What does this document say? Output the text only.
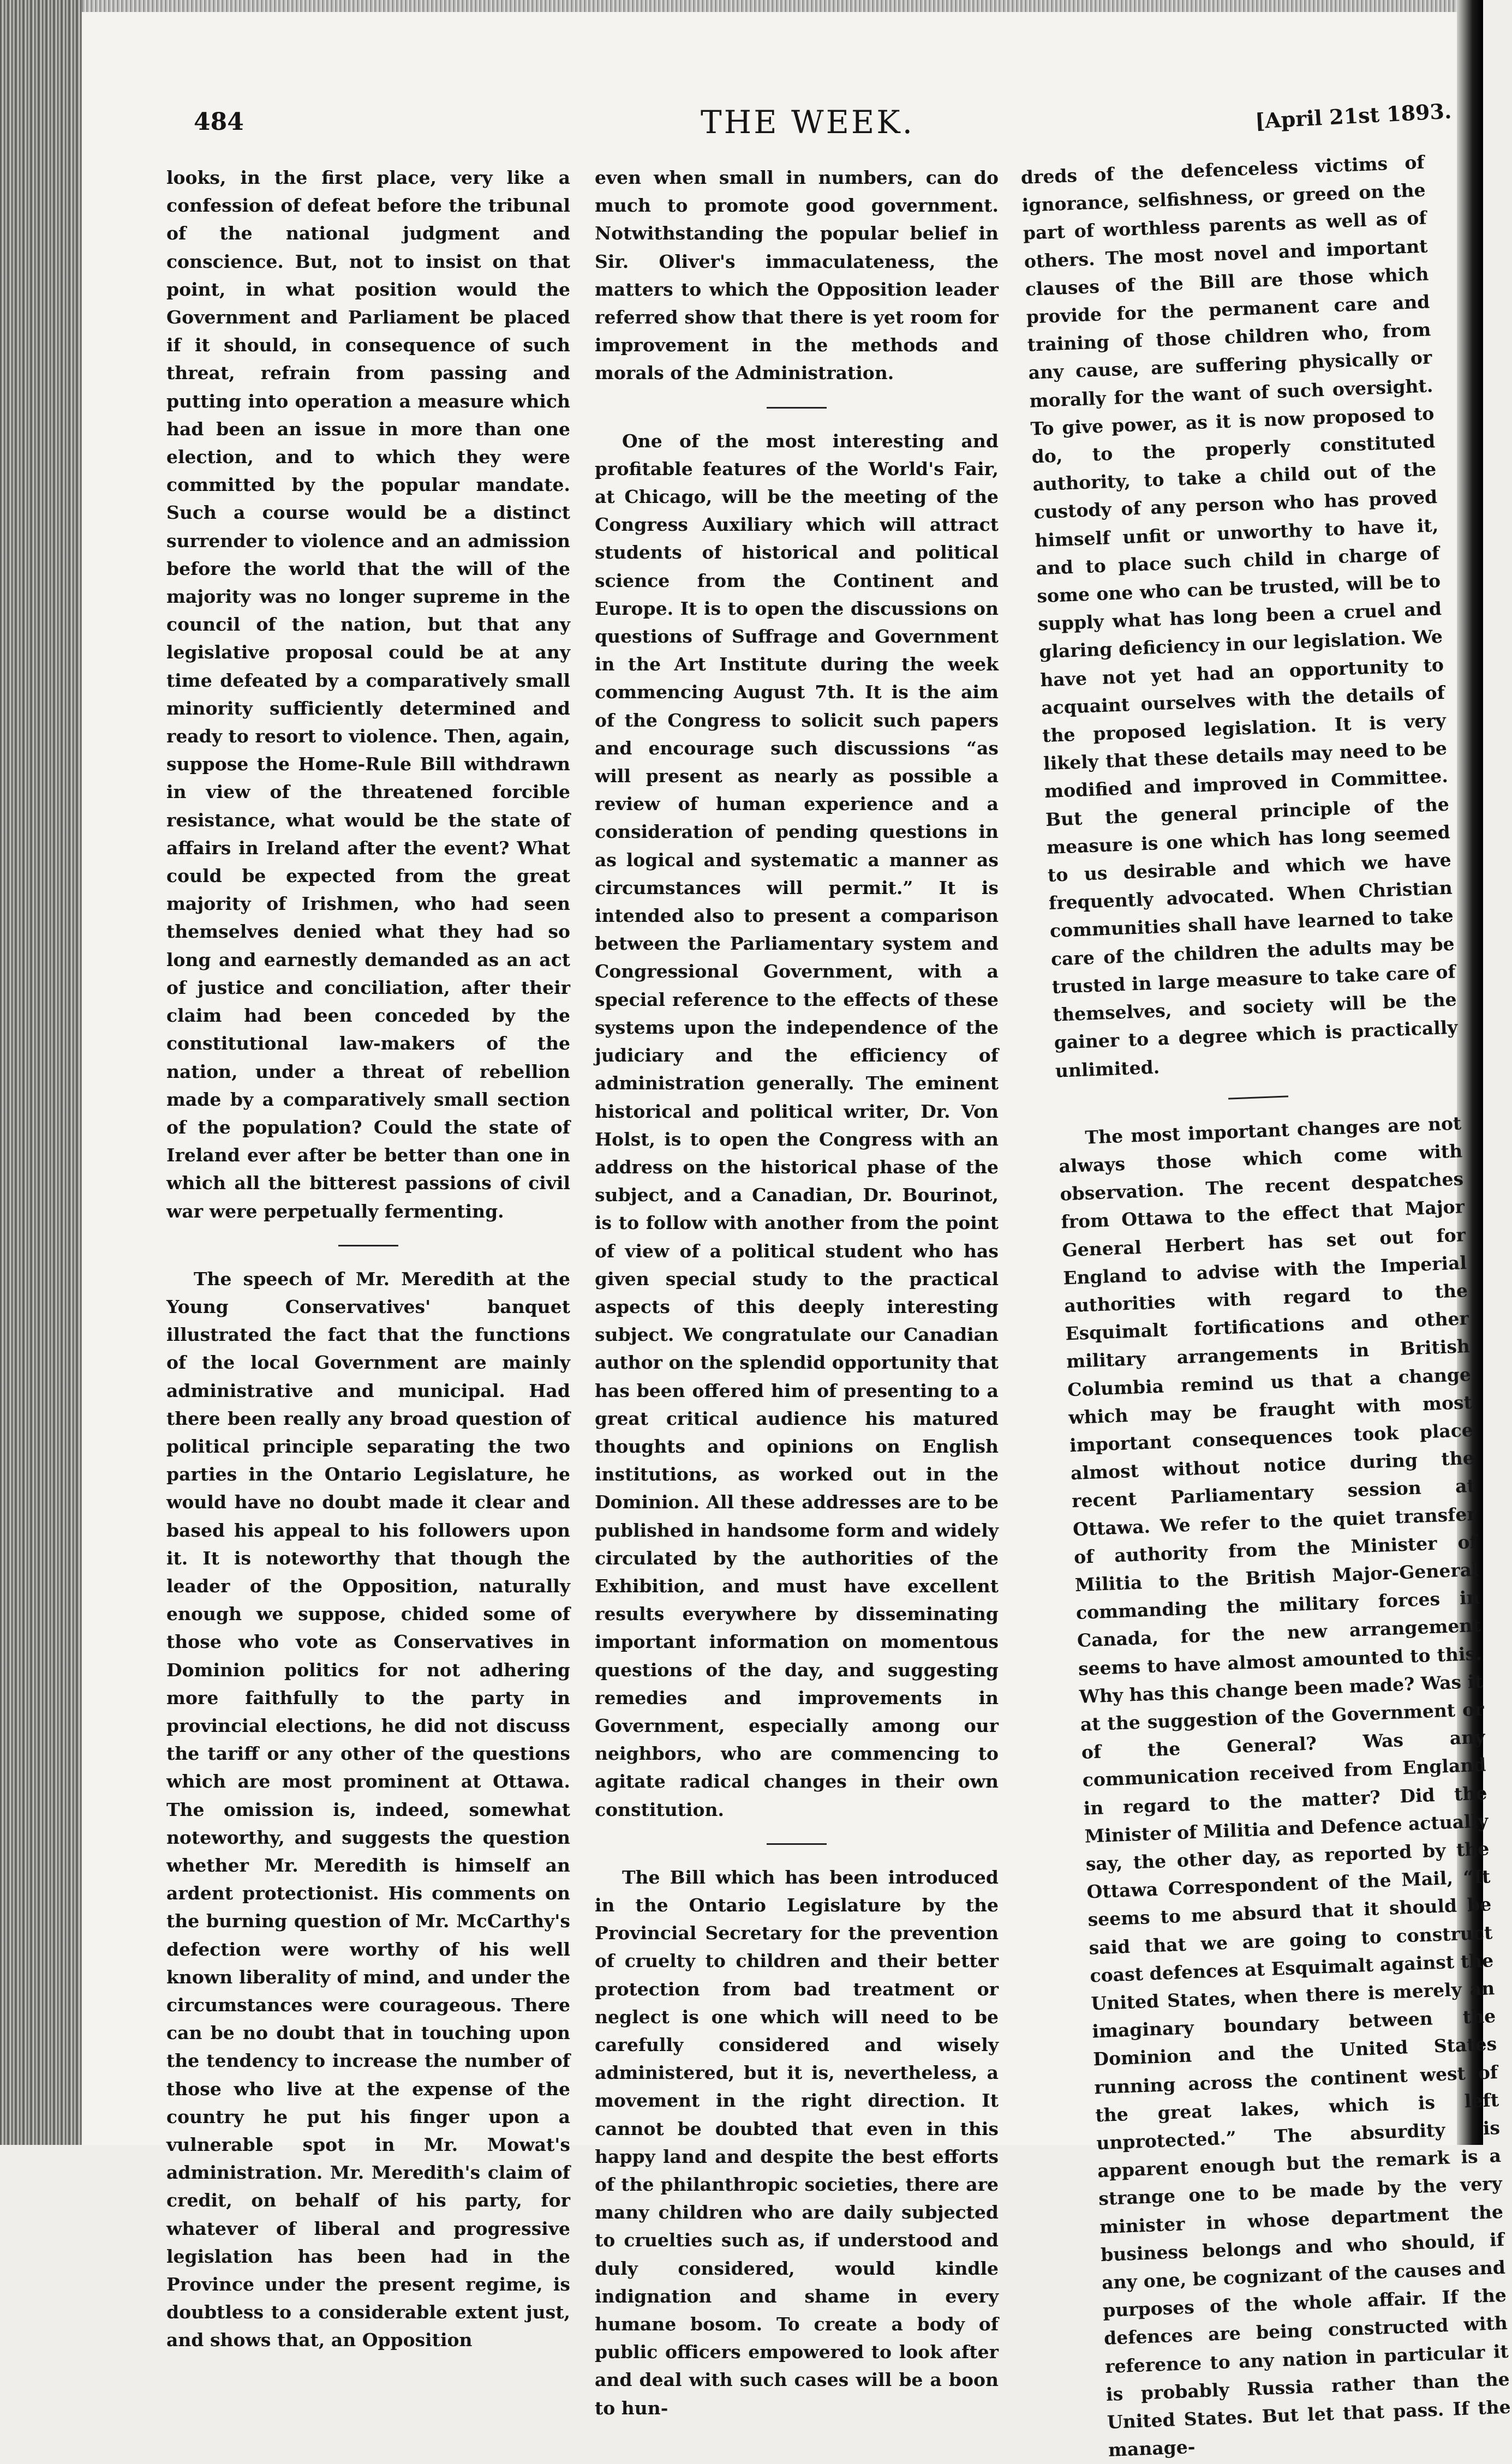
484	THE WEEK.	[April 21st 1893.

looks, in the first place, very like a confession of defeat before the tribunal of the national judgment and conscience. But, not to insist on that point, in what position would the Government and Parliament be placed if it should, in consequence of such threat, refrain from passing and putting into operation a measure which had been an issue in more than one election, and to which they were committed by the popular mandate. Such a course would be a distinct surrender to violence and an admission before the world that the will of the majority was no longer supreme in the council of the nation, but that any legislative proposal could be at any time defeated by a comparatively small minority sufficiently determined and ready to resort to violence. Then, again, suppose the Home-Rule Bill withdrawn in view of the threatened forcible resistance, what would be the state of affairs in Ireland after the event? What could be expected from the great majority of Irishmen, who had seen themselves denied what they had so long and earnestly demanded as an act of justice and conciliation, after their claim had been conceded by the constitutional law-makers of the nation, under a threat of rebellion made by a comparatively small section of the population? Could the state of Ireland ever after be better than one in which all the bitterest passions of civil war were perpetually fermenting.

The speech of Mr. Meredith at the Young Conservatives' banquet illustrated the fact that the functions of the local Government are mainly administrative and municipal. Had there been really any broad question of political principle separating the two parties in the Ontario Legislature, he would have no doubt made it clear and based his appeal to his followers upon it. It is noteworthy that though the leader of the Opposition, naturally enough we suppose, chided some of those who vote as Conservatives in Dominion politics for not adhering more faithfully to the party in provincial elections, he did not discuss the tariff or any other of the questions which are most prominent at Ottawa. The omission is, indeed, somewhat noteworthy, and suggests the question whether Mr. Meredith is himself an ardent protectionist. His comments on the burning question of Mr. McCarthy's defection were worthy of his well known liberality of mind, and under the circumstances were courageous. There can be no doubt that in touching upon the tendency to increase the number of those who live at the expense of the country he put his finger upon a vulnerable spot in Mr. Mowat's administration. Mr. Meredith's claim of credit, on behalf of his party, for whatever of liberal and progressive legislation has been had in the Province under the present regime, is doubtless to a considerable extent just, and shows that, an Opposition

even when small in numbers, can do much to promote good government. Notwithstanding the popular belief in Sir. Oliver's immaculateness, the matters to which the Opposition leader referred show that there is yet room for improvement in the methods and morals of the Administration.

One of the most interesting and profitable features of the World's Fair, at Chicago, will be the meeting of the Congress Auxiliary which will attract students of historical and political science from the Continent and Europe. It is to open the discussions on questions of Suffrage and Government in the Art Institute during the week commencing August 7th. It is the aim of the Congress to solicit such papers and encourage such discussions “as will present as nearly as possible a review of human experience and a consideration of pending questions in as logical and systematic a manner as circumstances will permit.” It is intended also to present a comparison between the Parliamentary system and Congressional Government, with a special reference to the effects of these systems upon the independence of the judiciary and the efficiency of administration generally. The eminent historical and political writer, Dr. Von Holst, is to open the Congress with an address on the historical phase of the subject, and a Canadian, Dr. Bourinot, is to follow with another from the point of view of a political student who has given special study to the practical aspects of this deeply interesting subject. We congratulate our Canadian author on the splendid opportunity that has been offered him of presenting to a great critical audience his matured thoughts and opinions on English institutions, as worked out in the Dominion. All these addresses are to be published in handsome form and widely circulated by the authorities of the Exhibition, and must have excellent results everywhere by disseminating important information on momentous questions of the day, and suggesting remedies and improvements in Government, especially among our neighbors, who are commencing to agitate radical changes in their own constitution.

The Bill which has been introduced in the Ontario Legislature by the Provincial Secretary for the prevention of cruelty to children and their better protection from bad treatment or neglect is one which will need to be carefully considered and wisely administered, but it is, nevertheless, a movement in the right direction. It cannot be doubted that even in this happy land and despite the best efforts of the philanthropic societies, there are many children who are daily subjected to cruelties such as, if understood and duly considered, would kindle indignation and shame in every humane bosom. To create a body of public officers empowered to look after and deal with such cases will be a boon to hun-

dreds of the defenceless victims of ignorance, selfishness, or greed on the part of worthless parents as well as of others. The most novel and important clauses of the Bill are those which provide for the permanent care and training of those children who, from any cause, are suffering physically or morally for the want of such oversight. To give power, as it is now proposed to do, to the properly constituted authority, to take a child out of the custody of any person who has proved himself unfit or unworthy to have it, and to place such child in charge of some one who can be trusted, will be to supply what has long been a cruel and glaring deficiency in our legislation. We have not yet had an opportunity to acquaint ourselves with the details of the proposed legislation. It is very likely that these details may need to be modified and improved in Committee. But the general principle of the measure is one which has long seemed to us desirable and which we have frequently advocated. When Christian communities shall have learned to take care of the children the adults may be trusted in large measure to take care of themselves, and society will be the gainer to a degree which is practically unlimited.

The most important changes are not always those which come with observation. The recent despatches from Ottawa to the effect that Major General Herbert has set out for England to advise with the Imperial authorities with regard to the Esquimalt fortifications and other military arrangements in British Columbia remind us that a change which may be fraught with most important consequences took place almost without notice during the recent Parliamentary session at Ottawa. We refer to the quiet transfer of authority from the Minister of Militia to the British Major-General commanding the military forces in Canada, for the new arrangement seems to have almost amounted to this. Why has this change been made? Was it at the suggestion of the Government or of the General? Was any communication received from England in regard to the matter? Did the Minister of Militia and Defence actually say, the other day, as reported by the Ottawa Correspondent of the Mail, “It seems to me absurd that it should be said that we are going to construct coast defences at Esquimalt against the United States, when there is merely an imaginary boundary between the Dominion and the United States running across the continent west of the great lakes, which is left unprotected.” The absurdity is apparent enough but the remark is a strange one to be made by the very minister in whose department the business belongs and who should, if any one, be cognizant of the causes and purposes of the whole affair. If the defences are being constructed with reference to any nation in particular it is probably Russia rather than the United States. But let that pass. If the manage-
